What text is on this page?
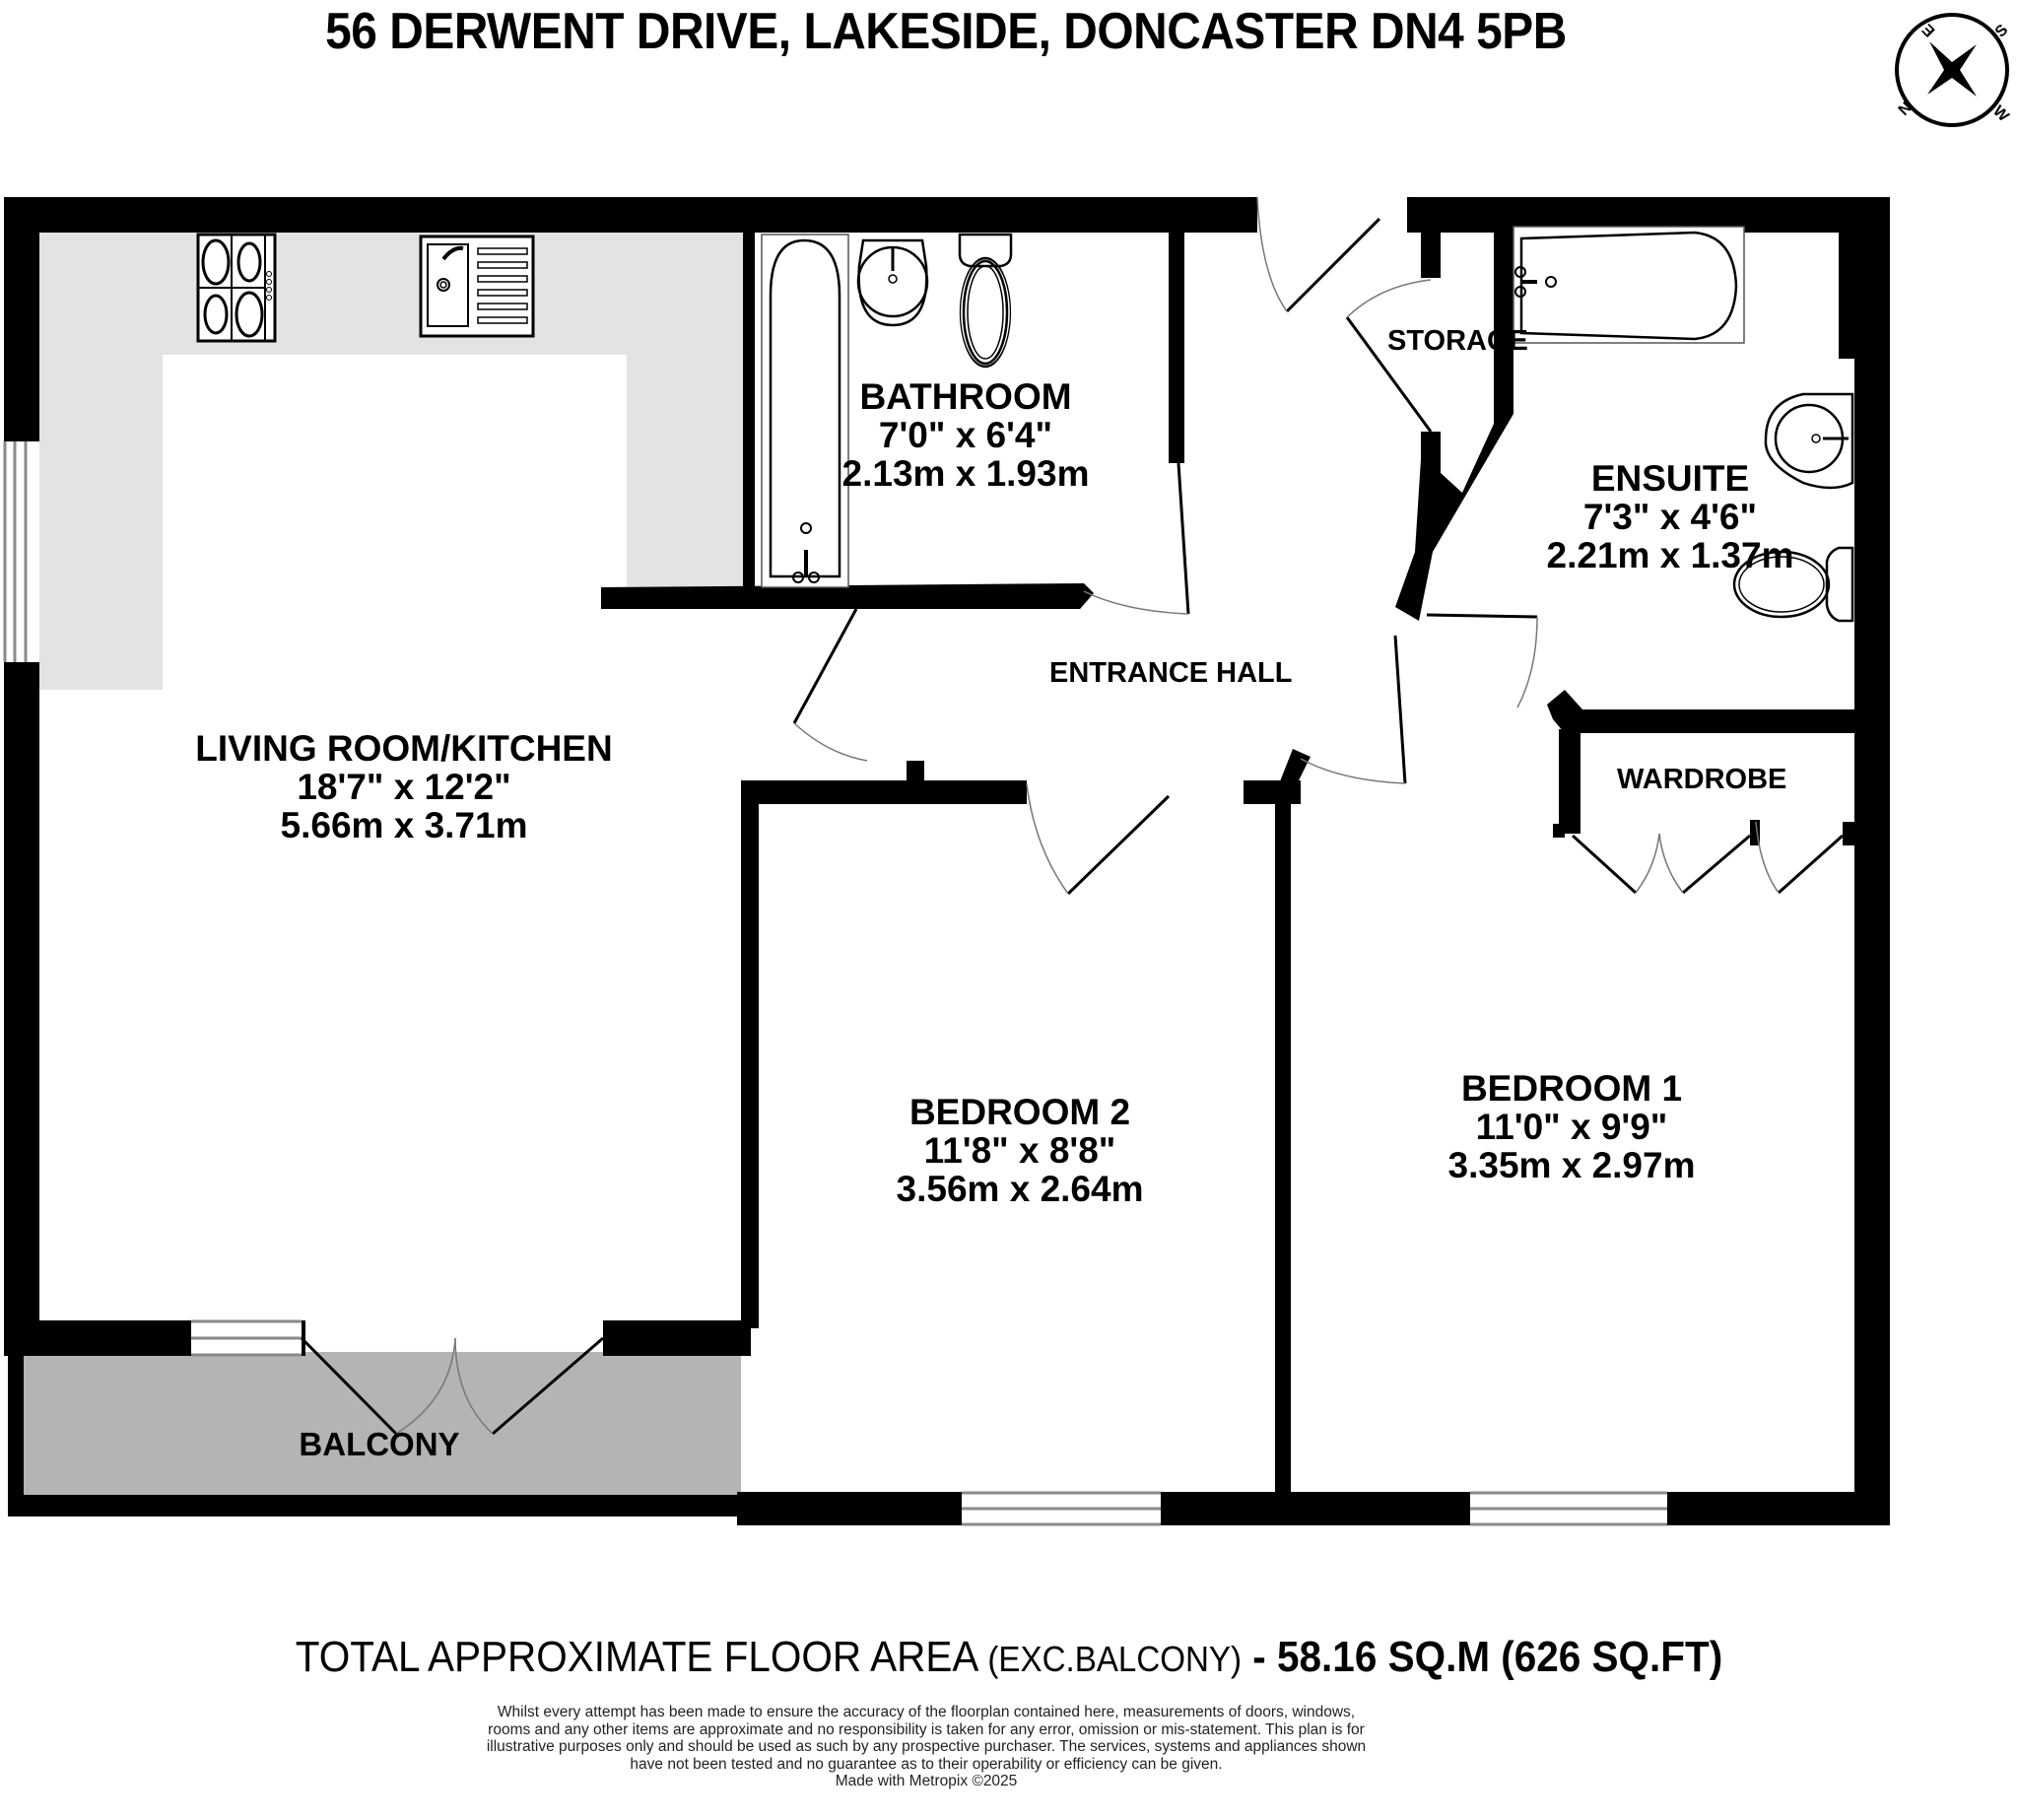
56 DERWENT DRIVE, LAKESIDE, DONCASTER DN4 5PB	E	S
N	W
LIVING ROOM/KITCHEN
18'7" x 12'2"
5.66m x 3.71m
BATHROOM
7'0" x 6'4"
2.13m x 1.93m	ENSUITE
7'3" x 4'6"
2.21m x 1.37m
STORAGE
ENTRANCE HALL
WARDROBE
BEDROOM 2
11'8" x 8'8"
3.56m x 2.64m
BEDROOM 1
11'0" x 9'9"
3.35m x 2.97m
BALCONY
TOTAL APPROXIMATE FLOOR AREA (EXC.BALCONY) - 58.16 SQ.M (626 SQ.FT)
Whilst every attempt has been made to ensure the accuracy of the floorplan contained here, measurements of doors, windows, rooms and any other items are approximate and no responsibility is taken for any error, omission or mis-statement. This plan is for illustrative purposes only and should be used as such by any prospective purchaser. The services, systems and appliances shown have not been tested and no guarantee as to their operability or efficiency can be given.
Made with Metropix ©2025
